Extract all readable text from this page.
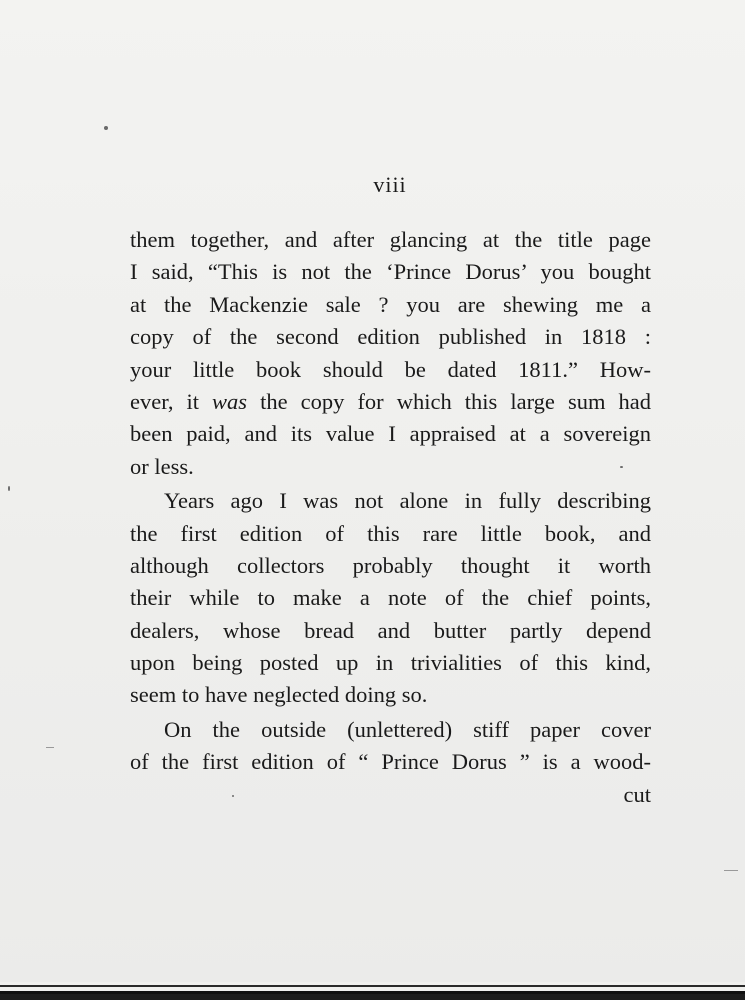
viii
them together, and after glancing at the title page
I said, “This is not the ‘Prince Dorus’ you bought
at the Mackenzie sale ? you are shewing me a
copy of the second edition published in 1818 :
your little book should be dated 1811.” How-
ever, it was the copy for which this large sum had
been paid, and its value I appraised at a sovereign
or less.
Years ago I was not alone in fully describing
the first edition of this rare little book, and
although collectors probably thought it worth
their while to make a note of the chief points,
dealers, whose bread and butter partly depend
upon being posted up in trivialities of this kind,
seem to have neglected doing so.
On the outside (unlettered) stiff paper cover
of the first edition of “ Prince Dorus ” is a wood-
cut
